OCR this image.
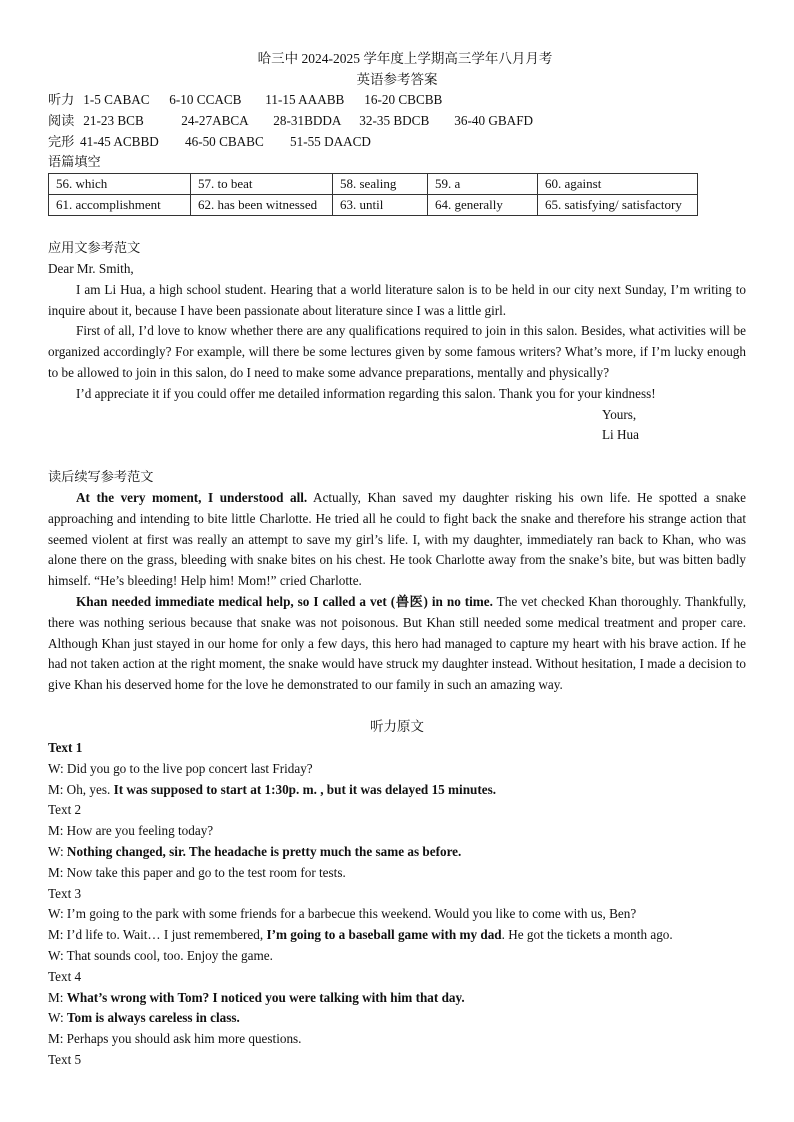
哈三中 2024-2025 学年度上学期高三学年八月月考
英语参考答案
听力 1-5 CABAC 6-10 CCACB 11-15 AAABB 16-20 CBCBB
阅读 21-23 BCB	24-27ABCA 28-31BDDA 32-35 BDCB 36-40 GBAFD
完形 41-45 ACBBD 46-50 CBABC 51-55 DAACD
语篇填空
56. which	57. to beat	58. sealing	59. a	60. against
61. accomplishment	62. has been witnessed	63. until	64. generally	65. satisfying/ satisfactory
应用文参考范文

Dear Mr. Smith,

I am Li Hua, a high school student. Hearing that a world literature salon is to be held in our city next Sunday, I’m writing to inquire about it, because I have been passionate about literature since I was a little girl.

First of all, I’d love to know whether there are any qualifications required to join in this salon. Besides, what activities will be organized accordingly? For example, will there be some lectures given by some famous writers? What’s more, if I’m lucky enough to be allowed to join in this salon, do I need to make some advance preparations, mentally and physically?

I’d appreciate it if you could offer me detailed information regarding this salon. Thank you for your kindness!

Yours,

Li Hua

读后续写参考范文

At the very moment, I understood all. Actually, Khan saved my daughter risking his own life. He spotted a snake approaching and intending to bite little Charlotte. He tried all he could to fight back the snake and therefore his strange action that seemed violent at first was really an attempt to save my girl’s life. I, with my daughter, immediately ran back to Khan, who was alone there on the grass, bleeding with snake bites on his chest. He took Charlotte away from the snake’s bite, but was bitten badly himself. “He’s bleeding! Help him! Mom!” cried Charlotte.

Khan needed immediate medical help, so I called a vet (兽医) in no time. The vet checked Khan thoroughly. Thankfully, there was nothing serious because that snake was not poisonous. But Khan still needed some medical treatment and proper care. Although Khan just stayed in our home for only a few days, this hero had managed to capture my heart with his brave action. If he had not taken action at the right moment, the snake would have struck my daughter instead. Without hesitation, I made a decision to give Khan his deserved home for the love he demonstrated to our family in such an amazing way.

听力原文

Text 1

W: Did you go to the live pop concert last Friday?

M: Oh, yes. It was supposed to start at 1:30p. m. , but it was delayed 15 minutes.

Text 2

M: How are you feeling today?

W: Nothing changed, sir. The headache is pretty much the same as before.

M: Now take this paper and go to the test room for tests.

Text 3

W: I’m going to the park with some friends for a barbecue this weekend. Would you like to come with us, Ben?

M: I’d life to. Wait… I just remembered, I’m going to a baseball game with my dad. He got the tickets a month ago.

W: That sounds cool, too. Enjoy the game.

Text 4

M: What’s wrong with Tom? I noticed you were talking with him that day.

W: Tom is always careless in class.

M: Perhaps you should ask him more questions.

Text 5
